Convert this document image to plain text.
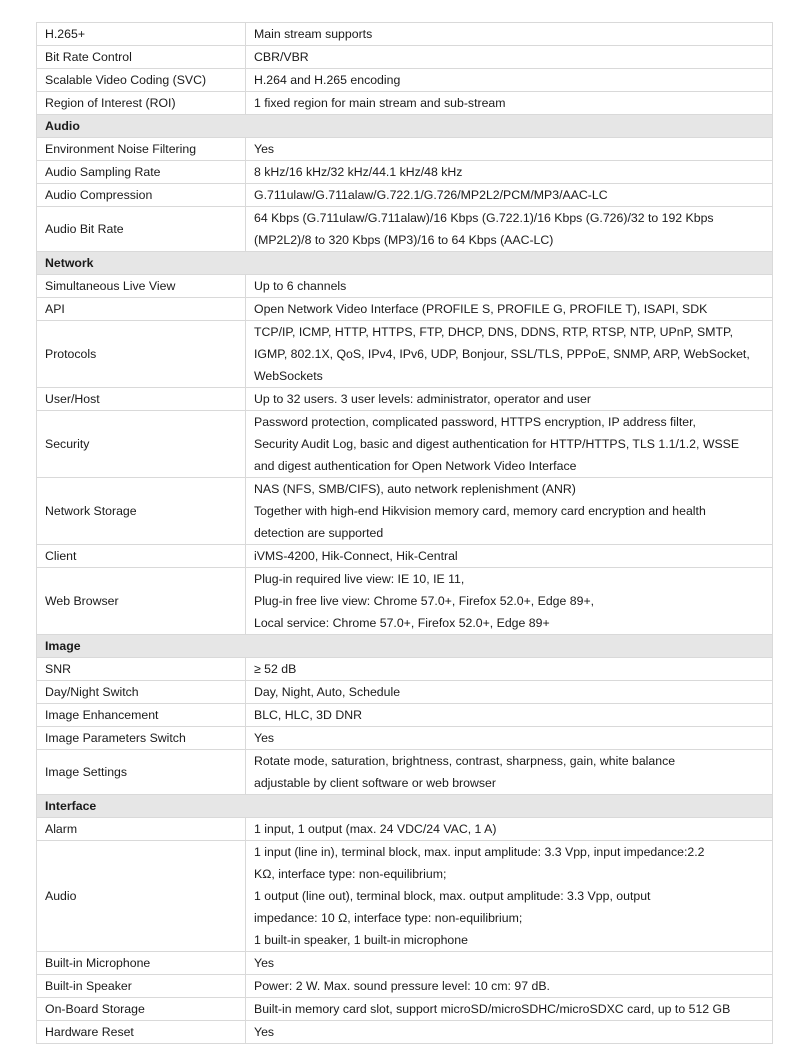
H.265+	Main stream supports

Bit Rate Control	CBR/VBR

Scalable Video Coding (SVC)	H.264 and H.265 encoding

Region of Interest (ROI)	1 fixed region for main stream and sub-stream

Audio	
Environment Noise Filtering	Yes

Audio Sampling Rate	8 kHz/16 kHz/32 kHz/44.1 kHz/48 kHz

Audio Compression	G.711ulaw/G.711alaw/G.722.1/G.726/MP2L2/PCM/MP3/AAC-LC

Audio Bit Rate	64 Kbps (G.711ulaw/G.711alaw)/16 Kbps (G.722.1)/16 Kbps (G.726)/32 to 192 Kbps
(MP2L2)/8 to 320 Kbps (MP3)/16 to 64 Kbps (AAC-LC)

Network	
Simultaneous Live View	Up to 6 channels

API	Open Network Video Interface (PROFILE S, PROFILE G, PROFILE T), ISAPI, SDK

Protocols	TCP/IP, ICMP, HTTP, HTTPS, FTP, DHCP, DNS, DDNS, RTP, RTSP, NTP, UPnP, SMTP,
IGMP, 802.1X, QoS, IPv4, IPv6, UDP, Bonjour, SSL/TLS, PPPoE, SNMP, ARP, WebSocket,
WebSockets

User/Host	Up to 32 users. 3 user levels: administrator, operator and user

Security	Password protection, complicated password, HTTPS encryption, IP address filter,
Security Audit Log, basic and digest authentication for HTTP/HTTPS, TLS 1.1/1.2, WSSE
and digest authentication for Open Network Video Interface

Network Storage	NAS (NFS, SMB/CIFS), auto network replenishment (ANR)
Together with high-end Hikvision memory card, memory card encryption and health
detection are supported

Client	iVMS-4200, Hik-Connect, Hik-Central

Web Browser	Plug-in required live view: IE 10, IE 11,
Plug-in free live view: Chrome 57.0+, Firefox 52.0+, Edge 89+,
Local service: Chrome 57.0+, Firefox 52.0+, Edge 89+

Image	
SNR	≥ 52 dB

Day/Night Switch	Day, Night, Auto, Schedule

Image Enhancement	BLC, HLC, 3D DNR

Image Parameters Switch	Yes

Image Settings	Rotate mode, saturation, brightness, contrast, sharpness, gain, white balance
adjustable by client software or web browser

Interface	
Alarm	1 input, 1 output (max. 24 VDC/24 VAC, 1 A)

Audio	1 input (line in), terminal block, max. input amplitude: 3.3 Vpp, input impedance:2.2
KΩ, interface type: non-equilibrium;
1 output (line out), terminal block, max. output amplitude: 3.3 Vpp, output
impedance: 10 Ω, interface type: non-equilibrium;
1 built-in speaker, 1 built-in microphone

Built-in Microphone	Yes

Built-in Speaker	Power: 2 W. Max. sound pressure level: 10 cm: 97 dB.

On-Board Storage	Built-in memory card slot, support microSD/microSDHC/microSDXC card, up to 512 GB

Hardware Reset	Yes
